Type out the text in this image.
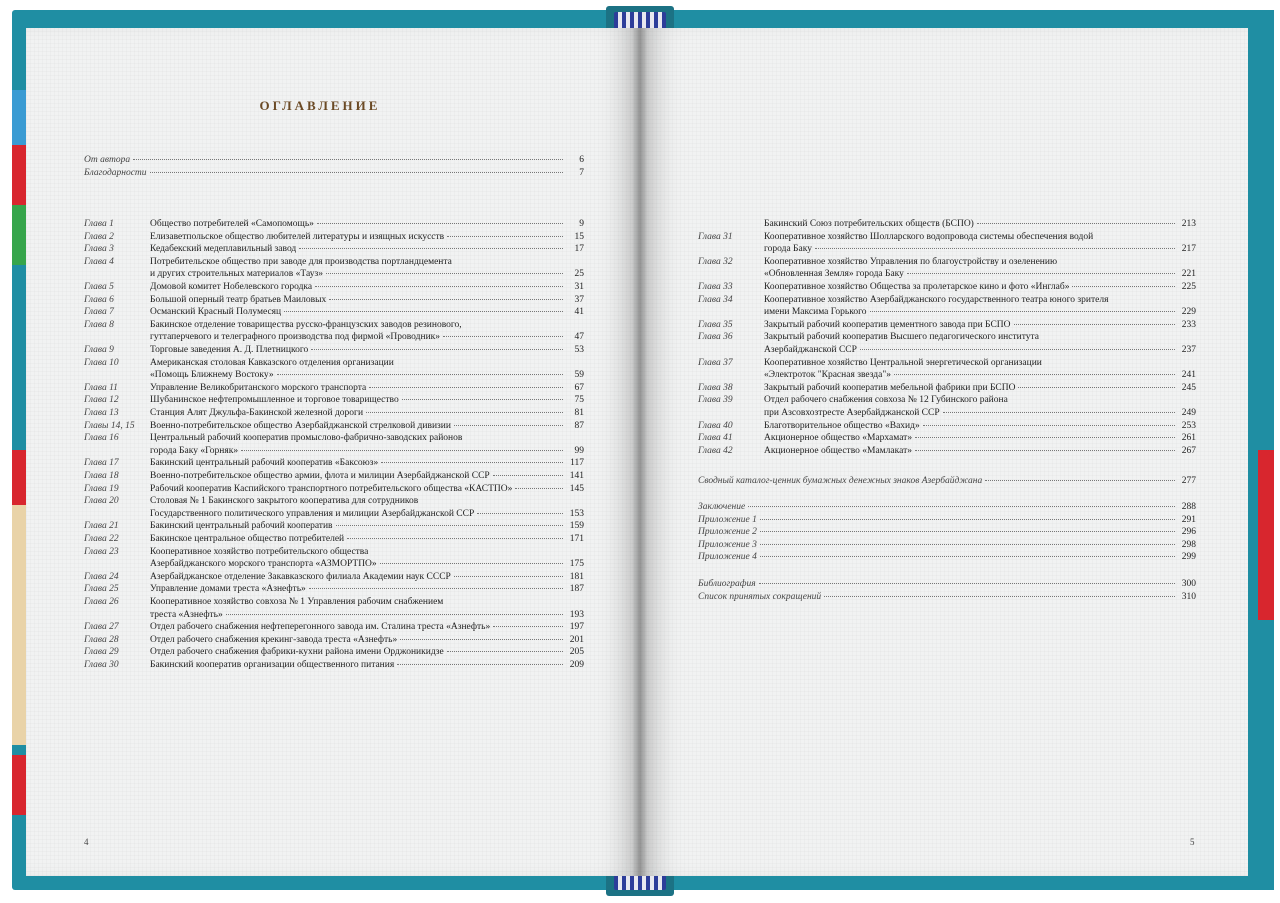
ОГЛАВЛЕНИЕ
От автора	6
Благодарности	7
Глава 1	Общество потребителей «Самопомощь»	9
Глава 2	Елизаветпольское общество любителей литературы и изящных искусств	15
Глава 3	Кедабекский медеплавильный завод	17
Глава 4	Потребительское общество при заводе для производства портландцемента
и других строительных материалов «Тауз»	25
Глава 5	Домовой комитет Нобелевского городка	31
Глава 6	Большой оперный театр братьев Маиловых	37
Глава 7	Османский Красный Полумесяц	41
Глава 8	Бакинское отделение товарищества русско-французских заводов резинового,
гуттаперчевого и телеграфного производства под фирмой «Проводник»	47
Глава 9	Торговые заведения А. Д. Плетницкого	53
Глава 10	Американская столовая Кавказского отделения организации
«Помощь Ближнему Востоку»	59
Глава 11	Управление Великобританского морского транспорта	67
Глава 12	Шубанинское нефтепромышленное и торговое товарищество	75
Глава 13	Станция Алят Джульфа-Бакинской железной дороги	81
Главы 14, 15	Военно-потребительское общество Азербайджанской стрелковой дивизии	87
Глава 16	Центральный рабочий кооператив промыслово-фабрично-заводских районов
города Баку «Горняк»	99
Глава 17	Бакинский центральный рабочий кооператив «Баксоюз»	117
Глава 18	Военно-потребительское общество армии, флота и милиции Азербайджанской ССР	141
Глава 19	Рабочий кооператив Каспийского транспортного потребительского общества «КАСТПО»	145
Глава 20	Столовая № 1 Бакинского закрытого кооператива для сотрудников
Государственного политического управления и милиции Азербайджанской ССР	153
Глава 21	Бакинский центральный рабочий кооператив	159
Глава 22	Бакинское центральное общество потребителей	171
Глава 23	Кооперативное хозяйство потребительского общества
Азербайджанского морского транспорта «АЗМОРТПО»	175
Глава 24	Азербайджанское отделение Закавказского филиала Академии наук СССР	181
Глава 25	Управление домами треста «Азнефть»	187
Глава 26	Кооперативное хозяйство совхоза № 1 Управления рабочим снабжением
треста «Азнефть»	193
Глава 27	Отдел рабочего снабжения нефтеперегонного завода им. Сталина треста «Азнефть»	197
Глава 28	Отдел рабочего снабжения крекинг-завода треста «Азнефть»	201
Глава 29	Отдел рабочего снабжения фабрики-кухни района имени Орджоникидзе	205
Глава 30	Бакинский кооператив организации общественного питания	209
Бакинский Союз потребительских обществ (БСПО)	213
Глава 31	Кооперативное хозяйство Шолларского водопровода системы обеспечения водой
города Баку	217
Глава 32	Кооперативное хозяйство Управления по благоустройству и озеленению
«Обновленная Земля» города Баку	221
Глава 33	Кооперативное хозяйство Общества за пролетарское кино и фото «Инглаб»	225
Глава 34	Кооперативное хозяйство Азербайджанского государственного театра юного зрителя
имени Максима Горького	229
Глава 35	Закрытый рабочий кооператив цементного завода при БСПО	233
Глава 36	Закрытый рабочий кооператив Высшего педагогического института
Азербайджанской ССР	237
Глава 37	Кооперативное хозяйство Центральной энергетической организации
«Электроток "Красная звезда"»	241
Глава 38	Закрытый рабочий кооператив мебельной фабрики при БСПО	245
Глава 39	Отдел рабочего снабжения совхоза № 12 Губинского района
при Азсовхозтресте Азербайджанской ССР	249
Глава 40	Благотворительное общество «Вахид»	253
Глава 41	Акционерное общество «Мархамат»	261
Глава 42	Акционерное общество «Мамлакат»	267
Сводный каталог-ценник бумажных денежных знаков Азербайджана	277
Заключение	288
Приложение 1	291
Приложение 2	296
Приложение 3	298
Приложение 4	299
Библиография	300
Список принятых сокращений	310
4	5
